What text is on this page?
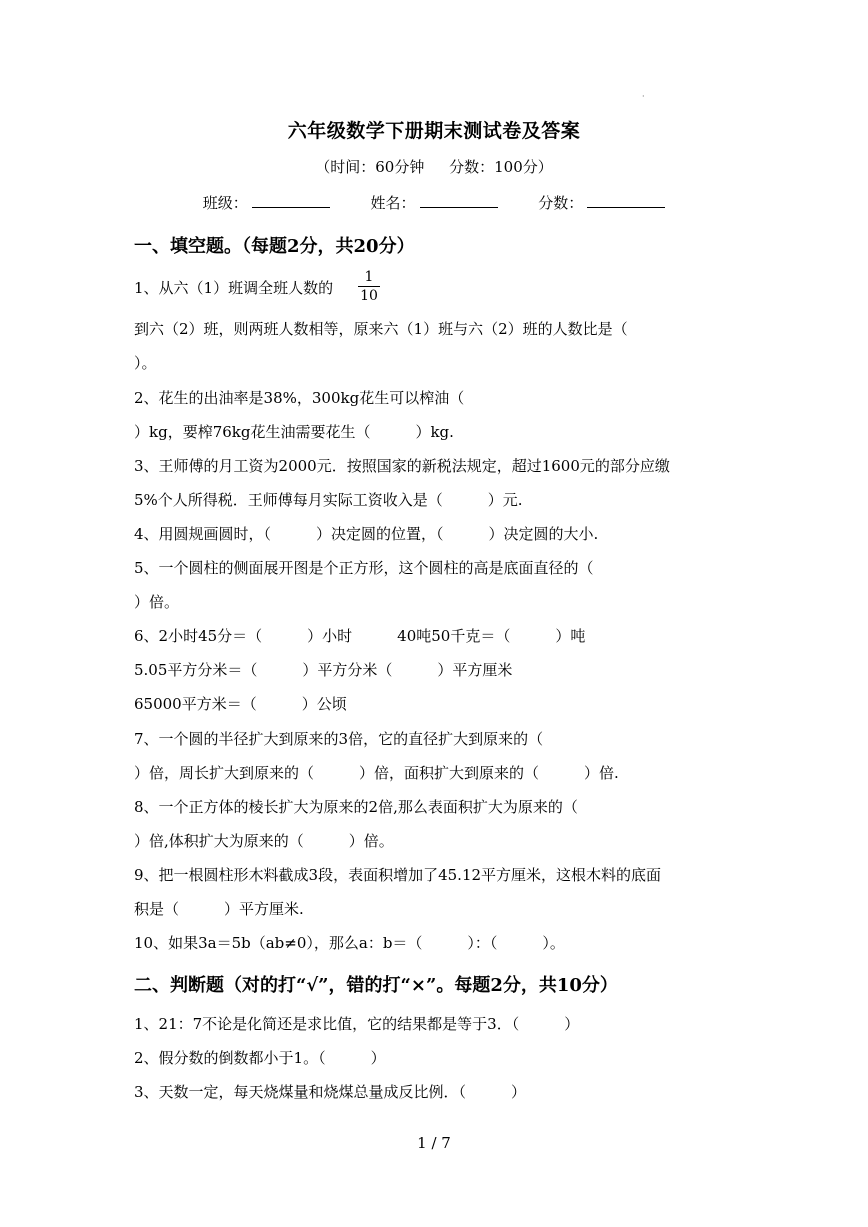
·
六年级数学下册期末测试卷及答案
（时间：60分钟 分数：100分）
班级：	姓名：	分数：
一、填空题。（每题2分，共20分）
1、从六（1）班调全班人数的 $\frac{1}{10}$
到六（2）班，则两班人数相等，原来六（1）班与六（2）班的人数比是（
）。
2、花生的出油率是38%，300kg花生可以榨油（
）kg，要榨76kg花生油需要花生（　　　）kg.
3、王师傅的月工资为2000元．按照国家的新税法规定，超过1600元的部分应缴
5%个人所得税．王师傅每月实际工资收入是（　　　）元.
4、用圆规画圆时，（　　　）决定圆的位置，（　　　）决定圆的大小.
5、一个圆柱的侧面展开图是个正方形，这个圆柱的高是底面直径的（
）倍。
6、2小时45分＝（　　　）小时　　　40吨50千克＝（　　　）吨
5.05平方分米＝（　　　）平方分米（　　　）平方厘米
65000平方米＝（　　　）公顷
7、一个圆的半径扩大到原来的3倍，它的直径扩大到原来的（
）倍，周长扩大到原来的（　　　）倍，面积扩大到原来的（　　　）倍.
8、一个正方体的棱长扩大为原来的2倍,那么表面积扩大为原来的（
）倍,体积扩大为原来的（　　　）倍。
9、把一根圆柱形木料截成3段，表面积增加了45.12平方厘米，这根木料的底面
积是（　　　）平方厘米.
10、如果3a＝5b（ab≠0），那么a：b＝（　　　）：（　　　）。
二、判断题（对的打“√”，错的打“×”。每题2分，共10分）
1、21：7不论是化简还是求比值，它的结果都是等于3．（　　　）
2、假分数的倒数都小于1。（　　　）
3、天数一定，每天烧煤量和烧煤总量成反比例．（　　　）
1 / 7
